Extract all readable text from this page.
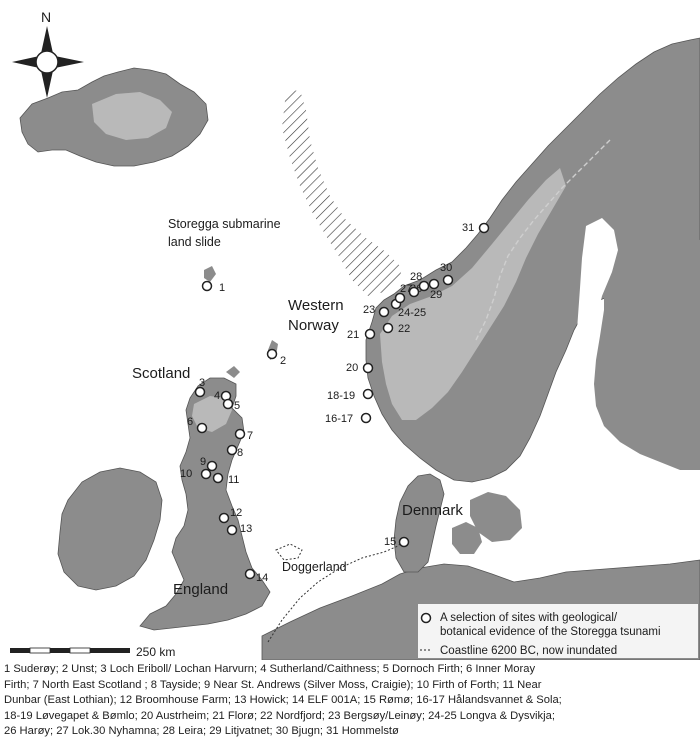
N
Storegga submarine
land slide
Western
Norway
Scotland
England
Denmark
Doggerland
1
2
3
4
5
6
7
8
9
10	11
12
13
14
15
16-17
18-19
20
21	22
23 24-25
27
28
29
30
31
250 km
A selection of sites with geological/
botanical evidence of the Storegga tsunami
Coastline 6200 BC, now inundated
1 Suderøy; 2 Unst; 3 Loch Eriboll/ Lochan Harvurn; 4 Sutherland/Caithness; 5 Dornoch Firth; 6 Inner Moray
Firth; 7 North East Scotland ; 8 Tayside; 9 Near St. Andrews (Silver Moss, Craigie); 10 Firth of Forth; 11 Near
Dunbar (East Lothian); 12 Broomhouse Farm; 13 Howick; 14 ELF 001A; 15 Rømø; 16-17 Hålandsvannet & Sola;
18-19 Løvegapet & Bømlo; 20 Austrheim; 21 Florø; 22 Nordfjord; 23 Bergsøy/Leinøy; 24-25 Longva & Dysvikja;
26 Harøy; 27 Lok.30 Nyhamna; 28 Leira; 29 Litjvatnet; 30 Bjugn; 31 Hommelstø
